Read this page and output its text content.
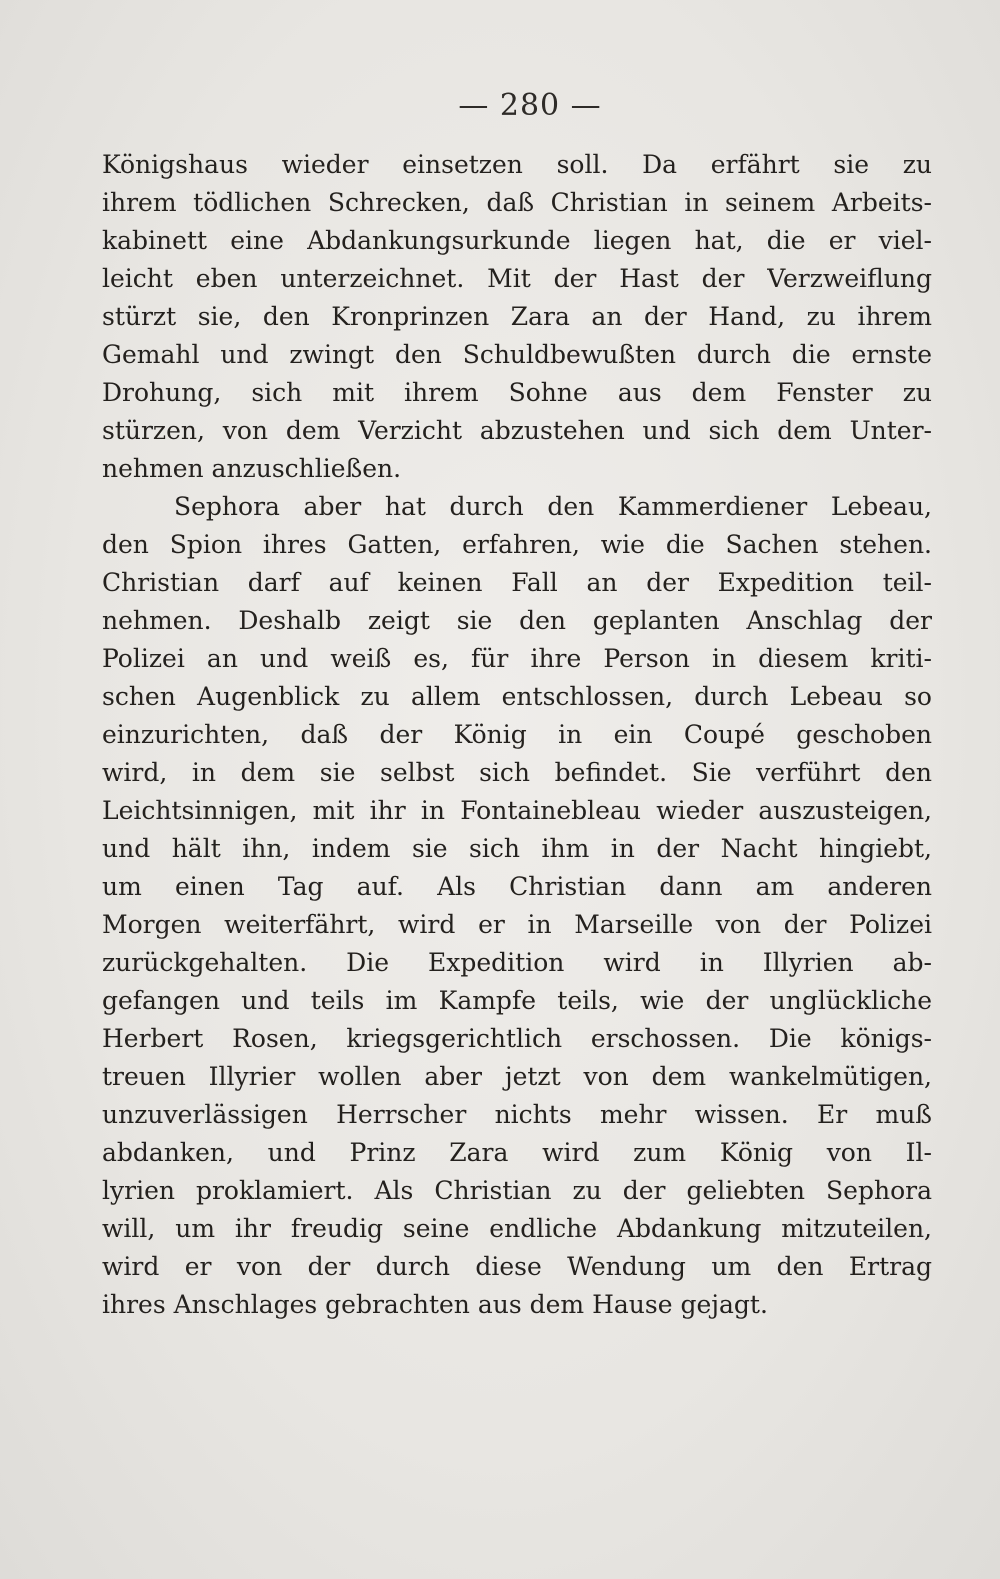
— 280 —
Königshaus wieder einsetzen soll. Da erfährt sie zu
ihrem tödlichen Schrecken, daß Christian in seinem Arbeits-
kabinett eine Abdankungsurkunde liegen hat, die er viel-
leicht eben unterzeichnet. Mit der Hast der Verzweiflung
stürzt sie, den Kronprinzen Zara an der Hand, zu ihrem
Gemahl und zwingt den Schuldbewußten durch die ernste
Drohung, sich mit ihrem Sohne aus dem Fenster zu
stürzen, von dem Verzicht abzustehen und sich dem Unter-
nehmen anzuschließen.
Sephora aber hat durch den Kammerdiener Lebeau,
den Spion ihres Gatten, erfahren, wie die Sachen stehen.
Christian darf auf keinen Fall an der Expedition teil-
nehmen. Deshalb zeigt sie den geplanten Anschlag der
Polizei an und weiß es, für ihre Person in diesem kriti-
schen Augenblick zu allem entschlossen, durch Lebeau so
einzurichten, daß der König in ein Coupé geschoben
wird, in dem sie selbst sich befindet. Sie verführt den
Leichtsinnigen, mit ihr in Fontainebleau wieder auszusteigen,
und hält ihn, indem sie sich ihm in der Nacht hingiebt,
um einen Tag auf. Als Christian dann am anderen
Morgen weiterfährt, wird er in Marseille von der Polizei
zurückgehalten. Die Expedition wird in Illyrien ab-
gefangen und teils im Kampfe teils, wie der unglückliche
Herbert Rosen, kriegsgerichtlich erschossen. Die königs-
treuen Illyrier wollen aber jetzt von dem wankelmütigen,
unzuverlässigen Herrscher nichts mehr wissen. Er muß
abdanken, und Prinz Zara wird zum König von Il-
lyrien proklamiert. Als Christian zu der geliebten Sephora
will, um ihr freudig seine endliche Abdankung mitzuteilen,
wird er von der durch diese Wendung um den Ertrag
ihres Anschlages gebrachten aus dem Hause gejagt.
